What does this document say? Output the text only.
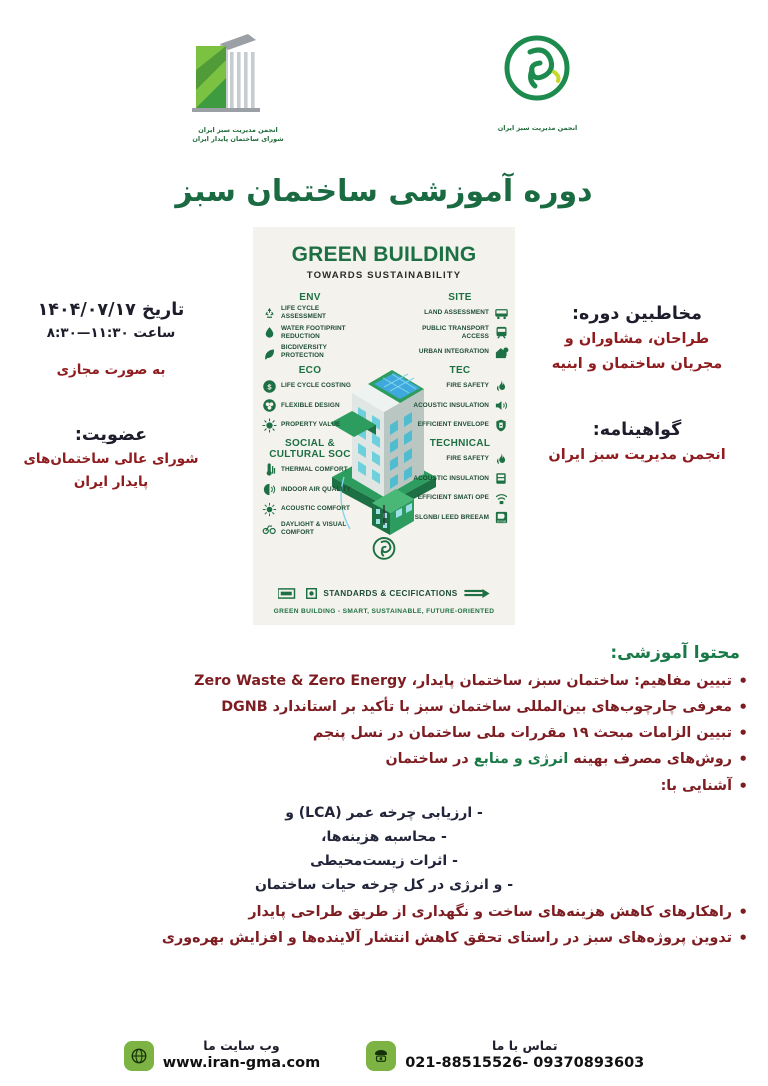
انجمن مدیریت سبز ایران
شورای ساختمان پایدار ایران
انجمن مدیریت سبز ایران
دوره آموزشی ساختمان سبز
تاریخ ۱۴۰۴/۰۷/۱۷
ساعت ۱۱:۳۰—۸:۳۰
به صورت مجازی
عضویت:
شورای عالی ساختمان‌های پایدار ایران
مخاطبین دوره:
طراحان، مشاوران و
مجریان ساختمان و ابنیه
گواهینامه:
انجمن مدیریت سبز ایران
GREEN BUILDING
TOWARDS SUSTAINABILITY
ENV
LIFE CYCLE ASSESSMENT
WATER FOOTIPRINT REDUCTION
BICDIVERSITY PROTECTION
ECO
$ LIFE CYCLE COSTING
FLEXIBLE DESIGN
PROPERTY VALUE
SOCIAL & CULTURAL SOC
THERMAL COMFORT
INDOOR AIR QUALITY
ACOUSTIC COMFORT
DAYLIGHT & VISUAL COMFORT
SITE
LAND ASSESSMENT
PUBLIC TRANSPORT ACCESS
URBAN INTEGRATION
TEC
FIRE SAFETY
ACOUSTIC INSULATION
EFFICIENT ENVELOPE
TECHNICAL
FIRE SAFETY
ACOUSTIC INSULATION
EFFICIENT SMATi OPE
DGNB
SLGNB/ LEED BREEAM
STANDARDS & CECIFICATIONS
GREEN BUILDING - SMART, SUSTAINABLE, FUTURE-ORIENTED
محتوا آموزشی:
• تبیین مفاهیم: ساختمان سبز، ساختمان پایدار، Zero Waste & Zero Energy
• معرفی چارچوب‌های بین‌المللی ساختمان سبز با تأکید بر استاندارد DGNB
• تبیین الزامات مبحث ۱۹ مقررات ملی ساختمان در نسل پنجم
• روش‌های مصرف بهینه انرژی و منابع در ساختمان
• آشنایی با:
- ارزیابی چرخه عمر (LCA) و
- محاسبه هزینه‌ها،
- اثرات زیست‌محیطی
- و انرژی در کل چرخه حیات ساختمان
• راهکارهای کاهش هزینه‌های ساخت و نگهداری از طریق طراحی پایدار
• تدوین پروژه‌های سبز در راستای تحقق کاهش انتشار آلاینده‌ها و افزایش بهره‌وری
تماس با ما
021-88515526- 09370893603
وب سایت ما
www.iran-gma.com
